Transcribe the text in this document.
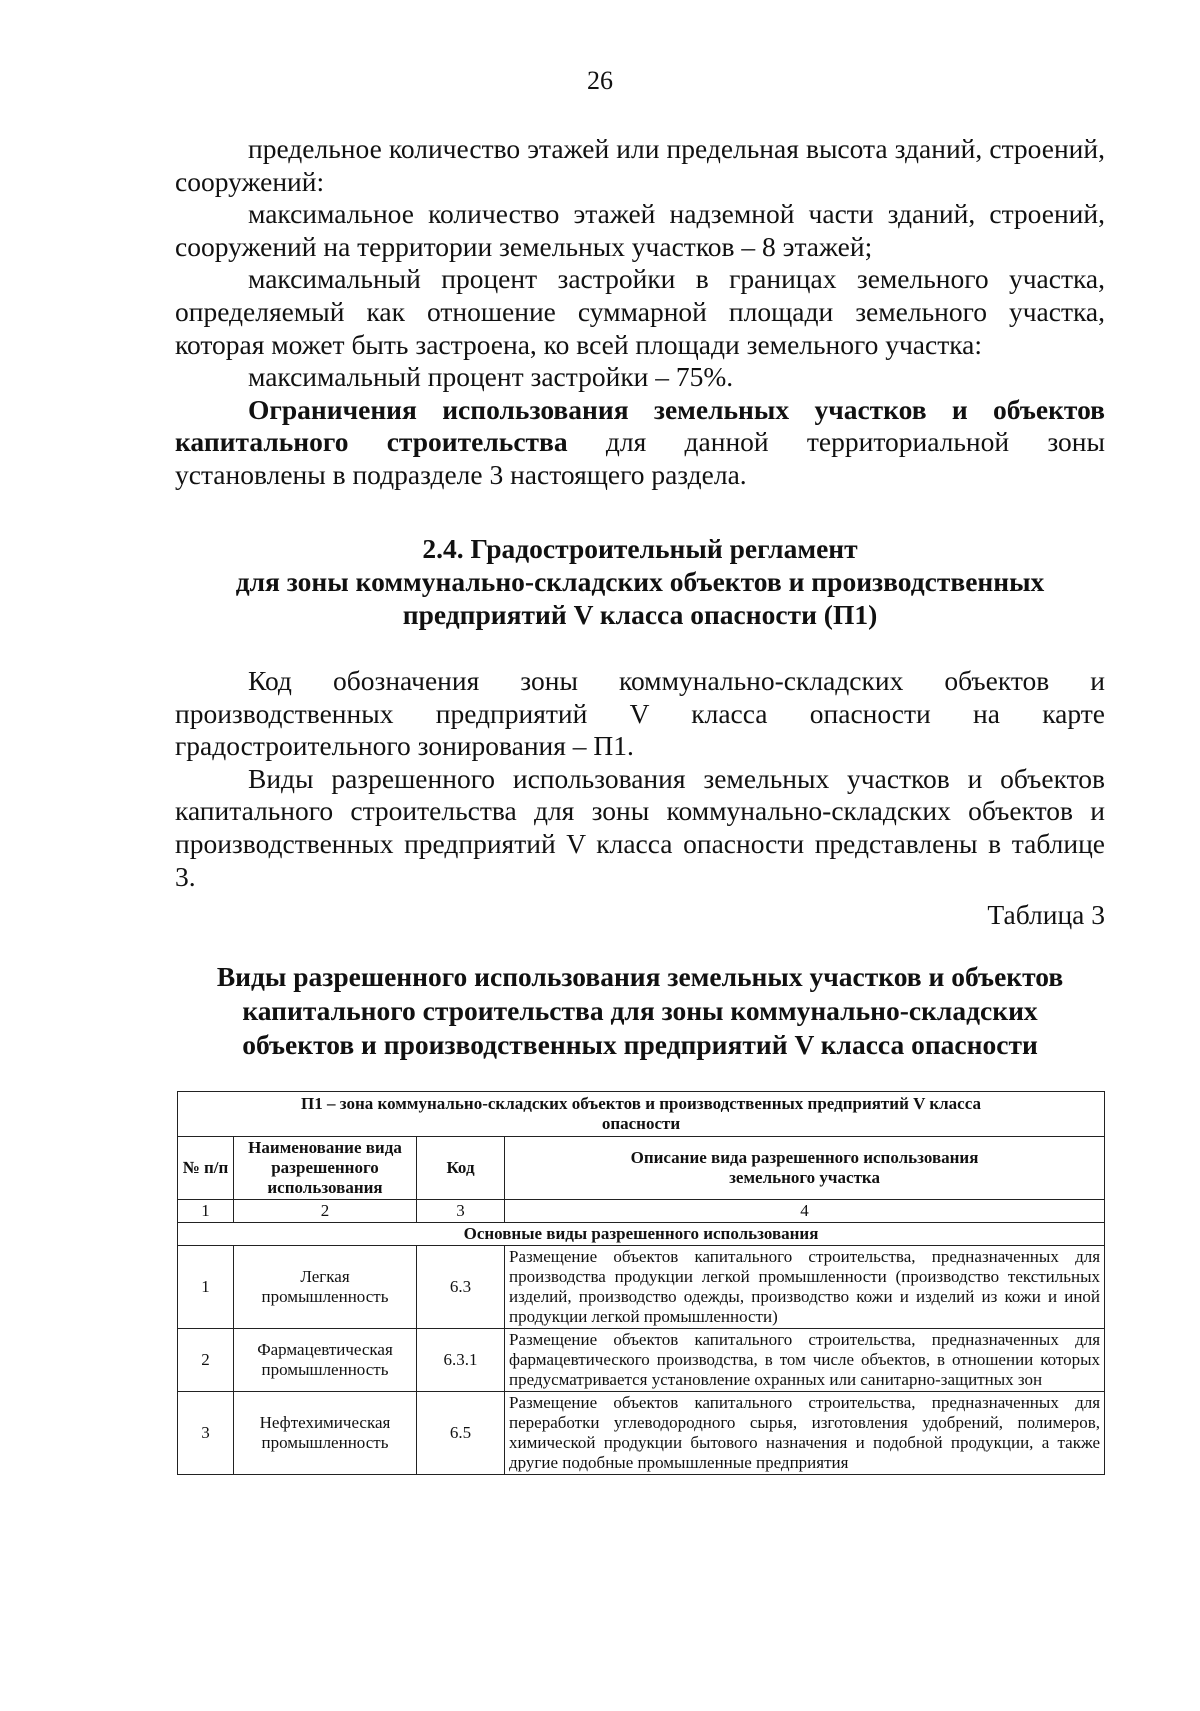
26

предельное количество этажей или предельная высота зданий, строений, сооружений:

максимальное количество этажей надземной части зданий, строений, сооружений на территории земельных участков – 8 этажей;

максимальный процент застройки в границах земельного участка, определяемый как отношение суммарной площади земельного участка, которая может быть застроена, ко всей площади земельного участка:

максимальный процент застройки – 75%.

Ограничения использования земельных участков и объектов капитального строительства для данной территориальной зоны установлены в подразделе 3 настоящего раздела.

2.4. Градостроительный регламент
для зоны коммунально-складских объектов и производственных
предприятий V класса опасности (П1)

Код обозначения зоны коммунально-складских объектов и производственных предприятий V класса опасности на карте градостроительного зонирования – П1.

Виды разрешенного использования земельных участков и объектов капитального строительства для зоны коммунально-складских объектов и производственных предприятий V класса опасности представлены в таблице 3.

Таблица 3
Виды разрешенного использования земельных участков и объектов
капитального строительства для зоны коммунально-складских
объектов и производственных предприятий V класса опасности
П1 – зона коммунально-складских объектов и производственных предприятий V класса опасности			
№ п/п	Наименование вида разрешенного использования	Код	Описание вида разрешенного использования земельного участка
1	2	3	4
Основные виды разрешенного использования			
1	Легкая промышленность	6.3	Размещение объектов капитального строительства, предназначенных для производства продукции легкой промышленности (производство текстильных изделий, производство одежды, производство кожи и изделий из кожи и иной продукции легкой промышленности)
2	Фармацевтическая промышленность	6.3.1	Размещение объектов капитального строительства, предназначенных для фармацевтического производства, в том числе объектов, в отношении которых предусматривается установление охранных или санитарно-защитных зон
3	Нефтехимическая промышленность	6.5	Размещение объектов капитального строительства, предназначенных для переработки углеводородного сырья, изготовления удобрений, полимеров, химической продукции бытового назначения и подобной продукции, а также другие подобные промышленные предприятия
